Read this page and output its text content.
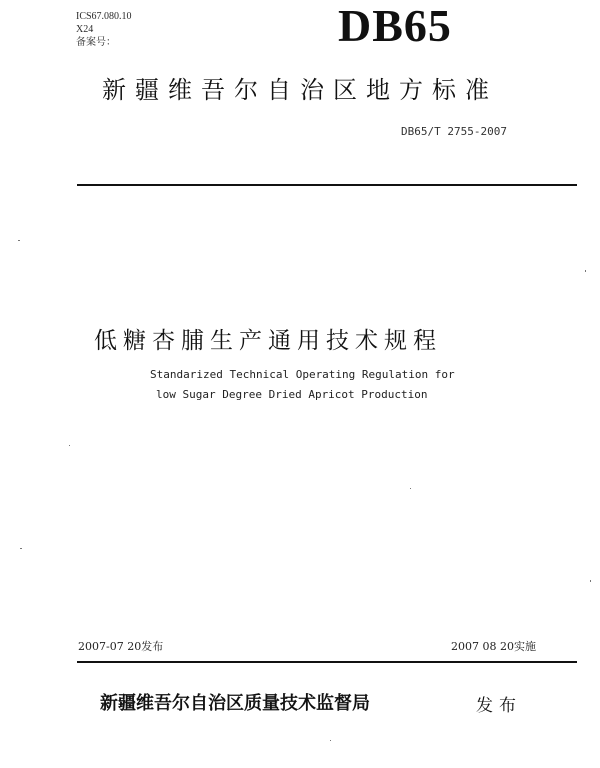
ICS67.080.10
X24
备案号：	DB65
新疆维吾尔自治区地方标准
DB65/T 2755-2007
低糖杏脯生产通用技术规程
Standarized Technical Operating Regulation for
low Sugar Degree Dried Apricot Production
2007-07 20发布	2007 08 20实施
新疆维吾尔自治区质量技术监督局	发布
